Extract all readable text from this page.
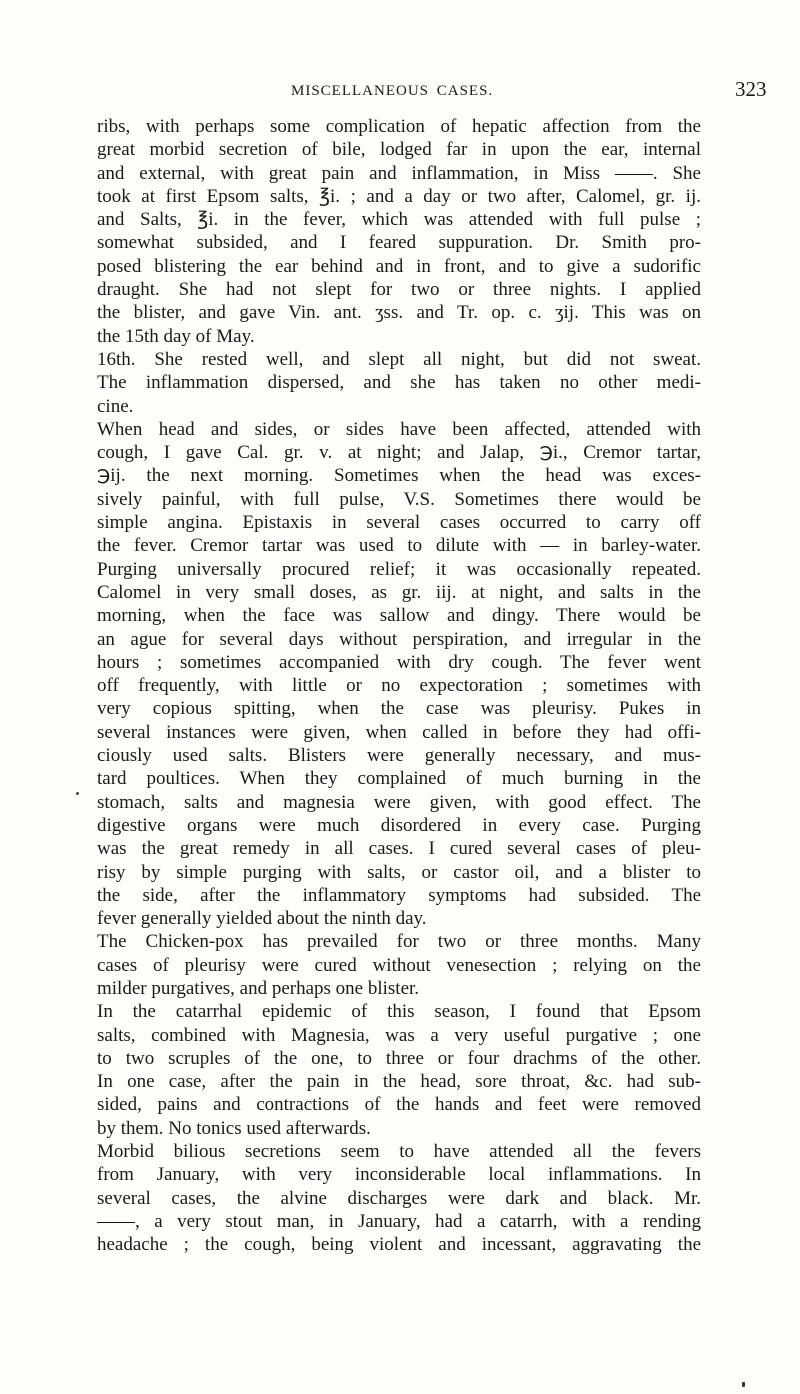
MISCELLANEOUS CASES.	323
ribs, with perhaps some complication of hepatic affection from the
great morbid secretion of bile, lodged far in upon the ear, internal
and external, with great pain and inflammation, in Miss ——. She
took at first Epsom salts, ℥i. ; and a day or two after, Calomel, gr. ij.
and Salts, ℥i. in the fever, which was attended with full pulse ;
somewhat subsided, and I feared suppuration. Dr. Smith pro-
posed blistering the ear behind and in front, and to give a sudorific
draught. She had not slept for two or three nights. I applied
the blister, and gave Vin. ant. ʒss. and Tr. op. c. ʒij. This was on
the 15th day of May.
16th. She rested well, and slept all night, but did not sweat.
The inflammation dispersed, and she has taken no other medi-
cine.
When head and sides, or sides have been affected, attended with
cough, I gave Cal. gr. v. at night; and Jalap, ℈i., Cremor tartar,
℈ij. the next morning. Sometimes when the head was exces-
sively painful, with full pulse, V.S. Sometimes there would be
simple angina. Epistaxis in several cases occurred to carry off
the fever. Cremor tartar was used to dilute with — in barley-water.
Purging universally procured relief; it was occasionally repeated.
Calomel in very small doses, as gr. iij. at night, and salts in the
morning, when the face was sallow and dingy. There would be
an ague for several days without perspiration, and irregular in the
hours ; sometimes accompanied with dry cough. The fever went
off frequently, with little or no expectoration ; sometimes with
very copious spitting, when the case was pleurisy. Pukes in
several instances were given, when called in before they had offi-
ciously used salts. Blisters were generally necessary, and mus-
tard poultices. When they complained of much burning in the
stomach, salts and magnesia were given, with good effect. The
digestive organs were much disordered in every case. Purging
was the great remedy in all cases. I cured several cases of pleu-
risy by simple purging with salts, or castor oil, and a blister to
the side, after the inflammatory symptoms had subsided. The
fever generally yielded about the ninth day.
The Chicken-pox has prevailed for two or three months. Many
cases of pleurisy were cured without venesection ; relying on the
milder purgatives, and perhaps one blister.
In the catarrhal epidemic of this season, I found that Epsom
salts, combined with Magnesia, was a very useful purgative ; one
to two scruples of the one, to three or four drachms of the other.
In one case, after the pain in the head, sore throat, &c. had sub-
sided, pains and contractions of the hands and feet were removed
by them. No tonics used afterwards.
Morbid bilious secretions seem to have attended all the fevers
from January, with very inconsiderable local inflammations. In
several cases, the alvine discharges were dark and black. Mr.
——, a very stout man, in January, had a catarrh, with a rending
headache ; the cough, being violent and incessant, aggravating the
